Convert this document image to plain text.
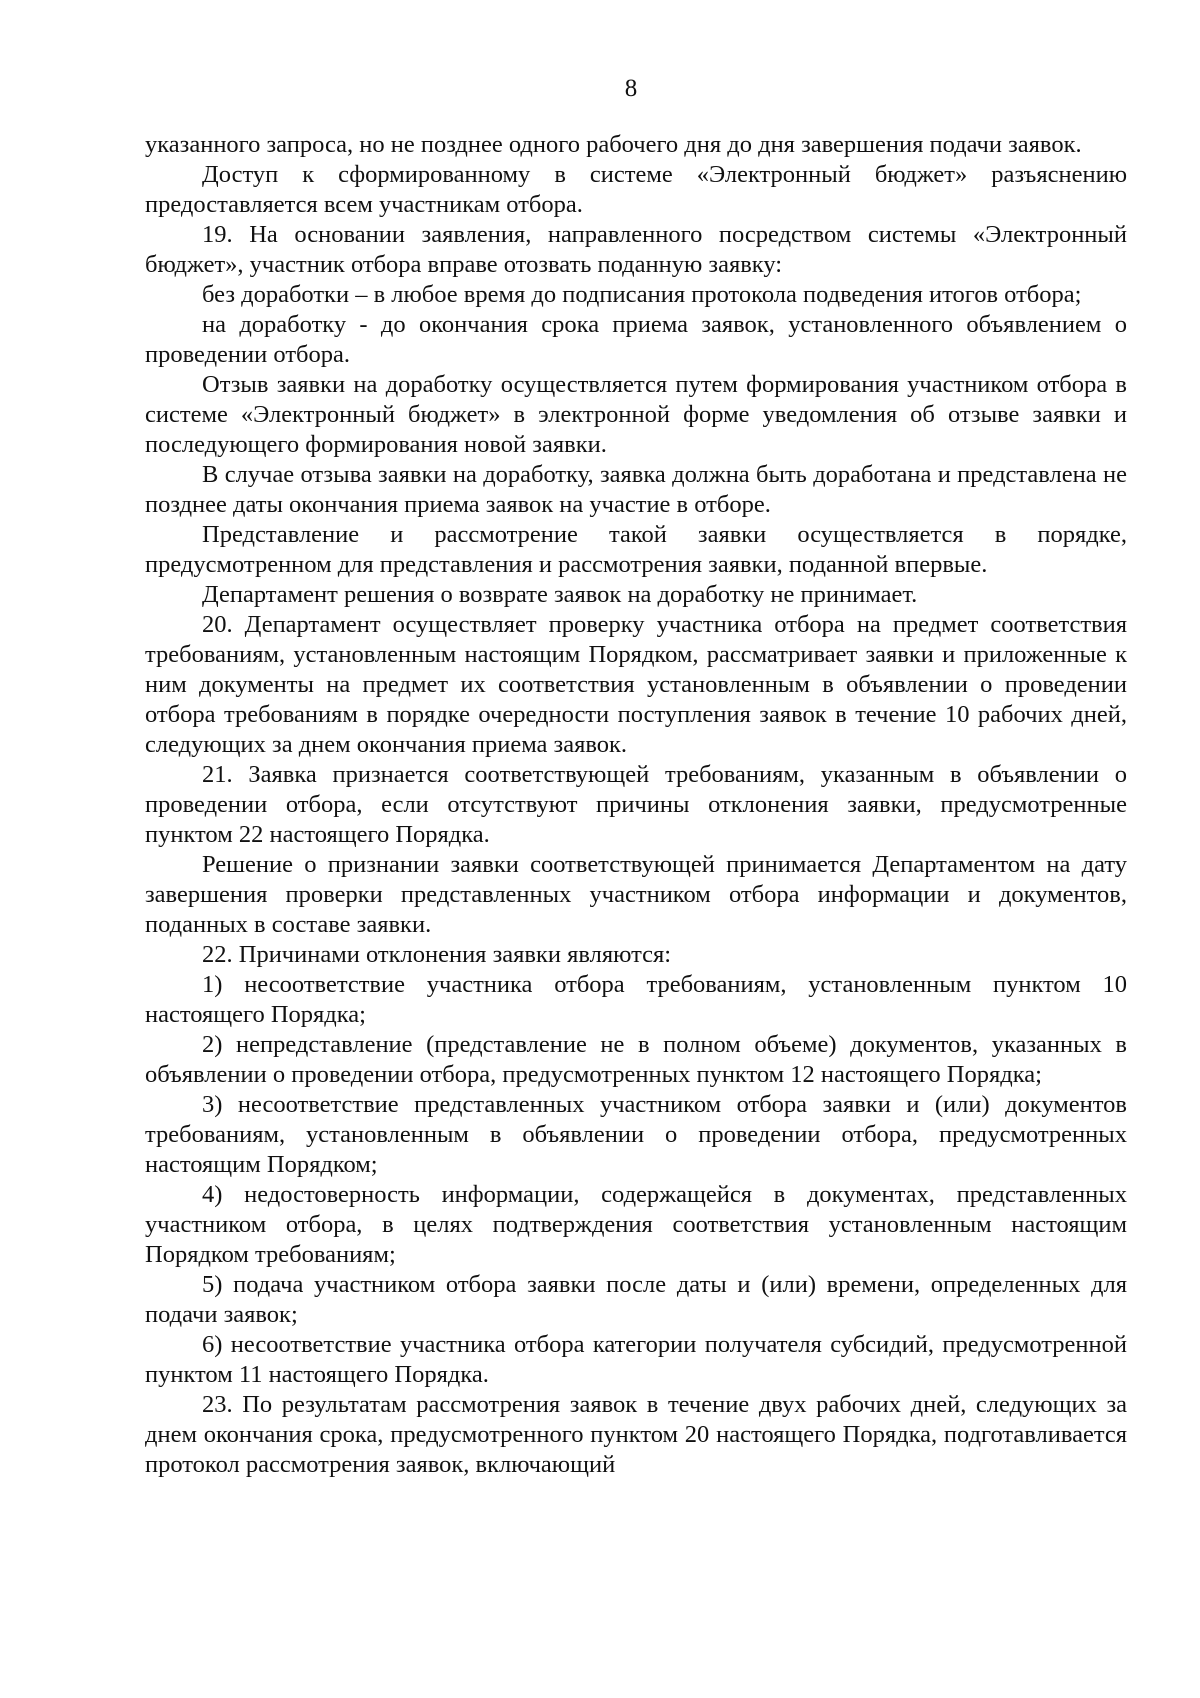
8

указанного запроса, но не позднее одного рабочего дня до дня завершения подачи заявок.

Доступ к сформированному в системе «Электронный бюджет» разъяснению предоставляется всем участникам отбора.

19. На основании заявления, направленного посредством системы «Электронный бюджет», участник отбора вправе отозвать поданную заявку:

без доработки – в любое время до подписания протокола подведения итогов отбора;

на доработку - до окончания срока приема заявок, установленного объявлением о проведении отбора.

Отзыв заявки на доработку осуществляется путем формирования участником отбора в системе «Электронный бюджет» в электронной форме уведомления об отзыве заявки и последующего формирования новой заявки.

В случае отзыва заявки на доработку, заявка должна быть доработана и представлена не позднее даты окончания приема заявок на участие в отборе.

Представление и рассмотрение такой заявки осуществляется в порядке, предусмотренном для представления и рассмотрения заявки, поданной впервые.

Департамент решения о возврате заявок на доработку не принимает.

20. Департамент осуществляет проверку участника отбора на предмет соответствия требованиям, установленным настоящим Порядком, рассматривает заявки и приложенные к ним документы на предмет их соответствия установленным в объявлении о проведении отбора требованиям в порядке очередности поступления заявок в течение 10 рабочих дней, следующих за днем окончания приема заявок.

21. Заявка признается соответствующей требованиям, указанным в объявлении о проведении отбора, если отсутствуют причины отклонения заявки, предусмотренные пунктом 22 настоящего Порядка.

Решение о признании заявки соответствующей принимается Департаментом на дату завершения проверки представленных участником отбора информации и документов, поданных в составе заявки.

22. Причинами отклонения заявки являются:

1) несоответствие участника отбора требованиям, установленным пунктом 10 настоящего Порядка;

2) непредставление (представление не в полном объеме) документов, указанных в объявлении о проведении отбора, предусмотренных пунктом 12 настоящего Порядка;

3) несоответствие представленных участником отбора заявки и (или) документов требованиям, установленным в объявлении о проведении отбора, предусмотренных настоящим Порядком;

4) недостоверность информации, содержащейся в документах, представленных участником отбора, в целях подтверждения соответствия установленным настоящим Порядком требованиям;

5) подача участником отбора заявки после даты и (или) времени, определенных для подачи заявок;

6) несоответствие участника отбора категории получателя субсидий, предусмотренной пунктом 11 настоящего Порядка.

23. По результатам рассмотрения заявок в течение двух рабочих дней, следующих за днем окончания срока, предусмотренного пунктом 20 настоящего Порядка, подготавливается протокол рассмотрения заявок, включающий
